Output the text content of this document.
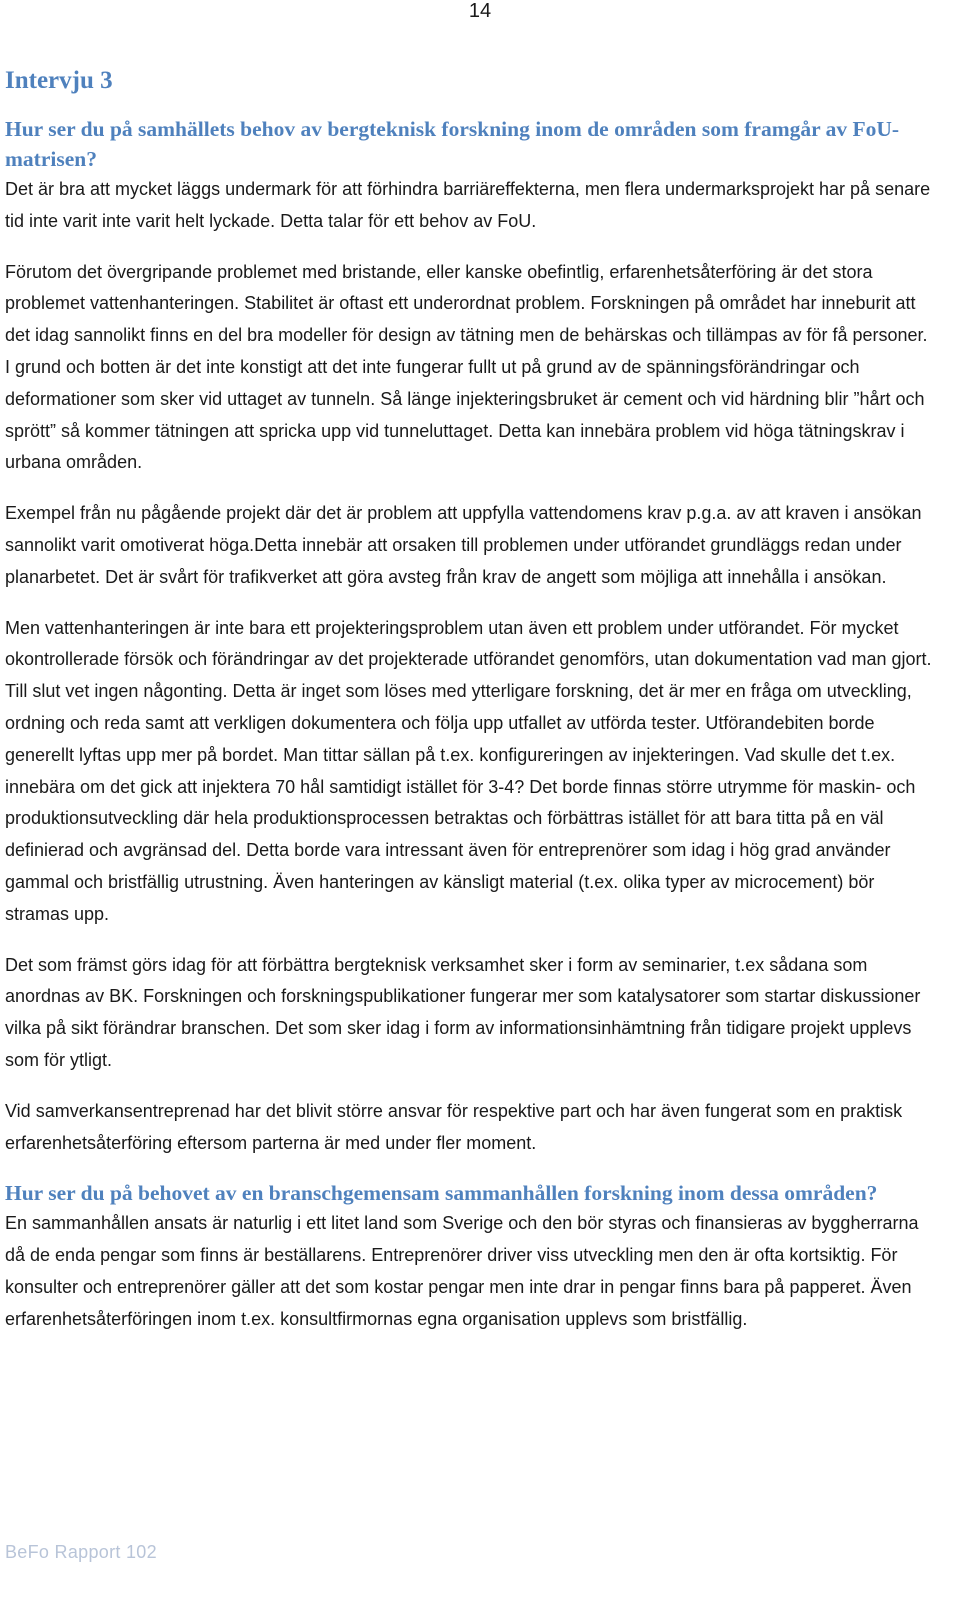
14
Intervju 3
Hur ser du på samhällets behov av bergteknisk forskning inom de områden som framgår av FoU-matrisen?

Det är bra att mycket läggs undermark för att förhindra barriäreffekterna, men flera undermarksprojekt har på senare tid inte varit inte varit helt lyckade. Detta talar för ett behov av FoU.

Förutom det övergripande problemet med bristande, eller kanske obefintlig, erfarenhetsåterföring är det stora problemet vattenhanteringen. Stabilitet är oftast ett underordnat problem. Forskningen på området har inneburit att det idag sannolikt finns en del bra modeller för design av tätning men de behärskas och tillämpas av för få personer. I grund och botten är det inte konstigt att det inte fungerar fullt ut på grund av de spänningsförändringar och deformationer som sker vid uttaget av tunneln. Så länge injekteringsbruket är cement och vid härdning blir ”hårt och sprött” så kommer tätningen att spricka upp vid tunneluttaget. Detta kan innebära problem vid höga tätningskrav i urbana områden.

Exempel från nu pågående projekt där det är problem att uppfylla vattendomens krav p.g.a. av att kraven i ansökan sannolikt varit omotiverat höga.Detta innebär att orsaken till problemen under utförandet grundläggs redan under planarbetet. Det är svårt för trafikverket att göra avsteg från krav de angett som möjliga att innehålla i ansökan.

Men vattenhanteringen är inte bara ett projekteringsproblem utan även ett problem under utförandet. För mycket okontrollerade försök och förändringar av det projekterade utförandet genomförs, utan dokumentation vad man gjort. Till slut vet ingen någonting. Detta är inget som löses med ytterligare forskning, det är mer en fråga om utveckling, ordning och reda samt att verkligen dokumentera och följa upp utfallet av utförda tester. Utförandebiten borde generellt lyftas upp mer på bordet. Man tittar sällan på t.ex. konfigureringen av injekteringen. Vad skulle det t.ex. innebära om det gick att injektera 70 hål samtidigt istället för 3-4? Det borde finnas större utrymme för maskin- och produktionsutveckling där hela produktionsprocessen betraktas och förbättras istället för att bara titta på en väl definierad och avgränsad del. Detta borde vara intressant även för entreprenörer som idag i hög grad använder gammal och bristfällig utrustning. Även hanteringen av känsligt material (t.ex. olika typer av microcement) bör stramas upp.

Det som främst görs idag för att förbättra bergteknisk verksamhet sker i form av seminarier, t.ex sådana som anordnas av BK. Forskningen och forskningspublikationer fungerar mer som katalysatorer som startar diskussioner vilka på sikt förändrar branschen. Det som sker idag i form av informationsinhämtning från tidigare projekt upplevs som för ytligt.

Vid samverkansentreprenad har det blivit större ansvar för respektive part och har även fungerat som en praktisk erfarenhetsåterföring eftersom parterna är med under fler moment.

Hur ser du på behovet av en branschgemensam sammanhållen forskning inom dessa områden?

En sammanhållen ansats är naturlig i ett litet land som Sverige och den bör styras och finansieras av byggherrarna då de enda pengar som finns är beställarens. Entreprenörer driver viss utveckling men den är ofta kortsiktig. För konsulter och entreprenörer gäller att det som kostar pengar men inte drar in pengar finns bara på papperet. Även erfarenhetsåterföringen inom t.ex. konsultfirmornas egna organisation upplevs som bristfällig.

BeFo Rapport 102
